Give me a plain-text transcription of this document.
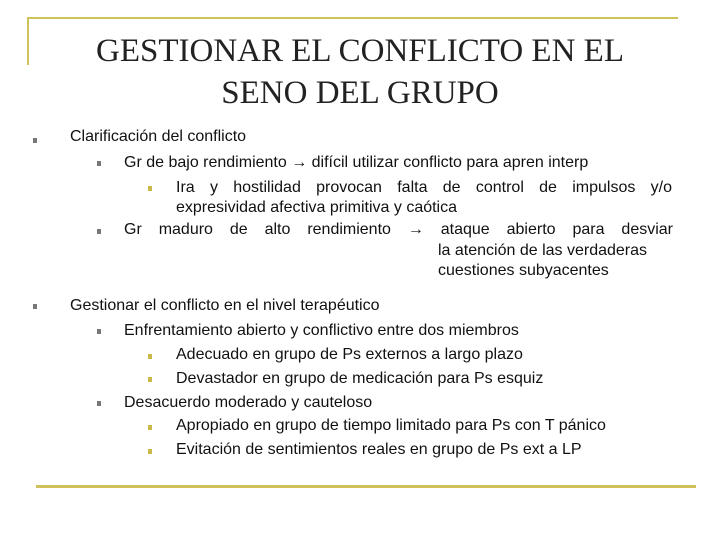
GESTIONAR EL CONFLICTO EN EL
SENO DEL GRUPO
Clarificación del conflicto
Gr de bajo rendimiento → difícil utilizar conflicto para apren interp
Ira y hostilidad provocan falta de control de impulsos y/o
expresividad afectiva primitiva y caótica
Gr maduro de alto rendimiento → ataque abierto para desviar
la atención de las verdaderas
cuestiones subyacentes
Gestionar el conflicto en el nivel terapéutico
Enfrentamiento abierto y conflictivo entre dos miembros
Adecuado en grupo de Ps externos a largo plazo
Devastador en grupo de medicación para Ps esquiz
Desacuerdo moderado y cauteloso
Apropiado en grupo de tiempo limitado para Ps con T pánico
Evitación de sentimientos reales en grupo de Ps ext a LP
